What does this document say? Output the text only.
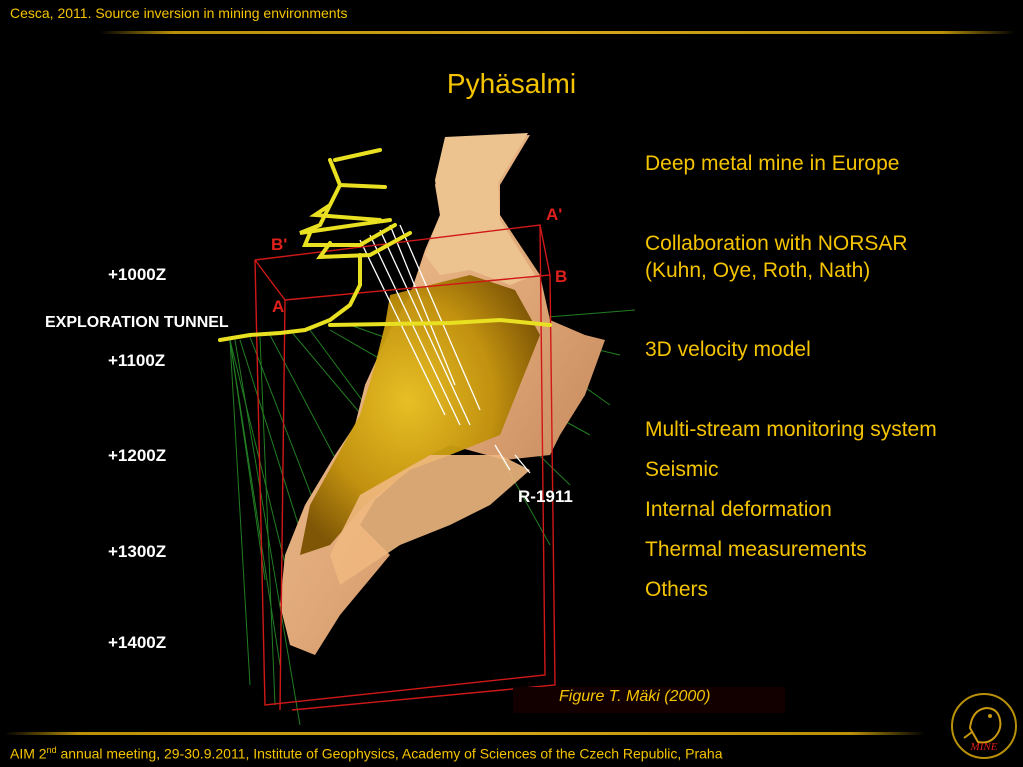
Cesca, 2011. Source inversion in mining environments
Pyhäsalmi
+1000Z
EXPLORATION TUNNEL
+1100Z
+1200Z
+1300Z
+1400Z
A
B'
A'
B
R-1911
Deep metal mine in Europe
Collaboration with NORSAR
(Kuhn, Oye, Roth, Nath)
3D velocity model
Multi-stream monitoring system
Seismic
Internal deformation
Thermal measurements
Others
Figure T. Mäki (2000)
AIM 2nd annual meeting, 29-30.9.2011, Institute of Geophysics, Academy of Sciences of the Czech Republic, Praha	MINE
